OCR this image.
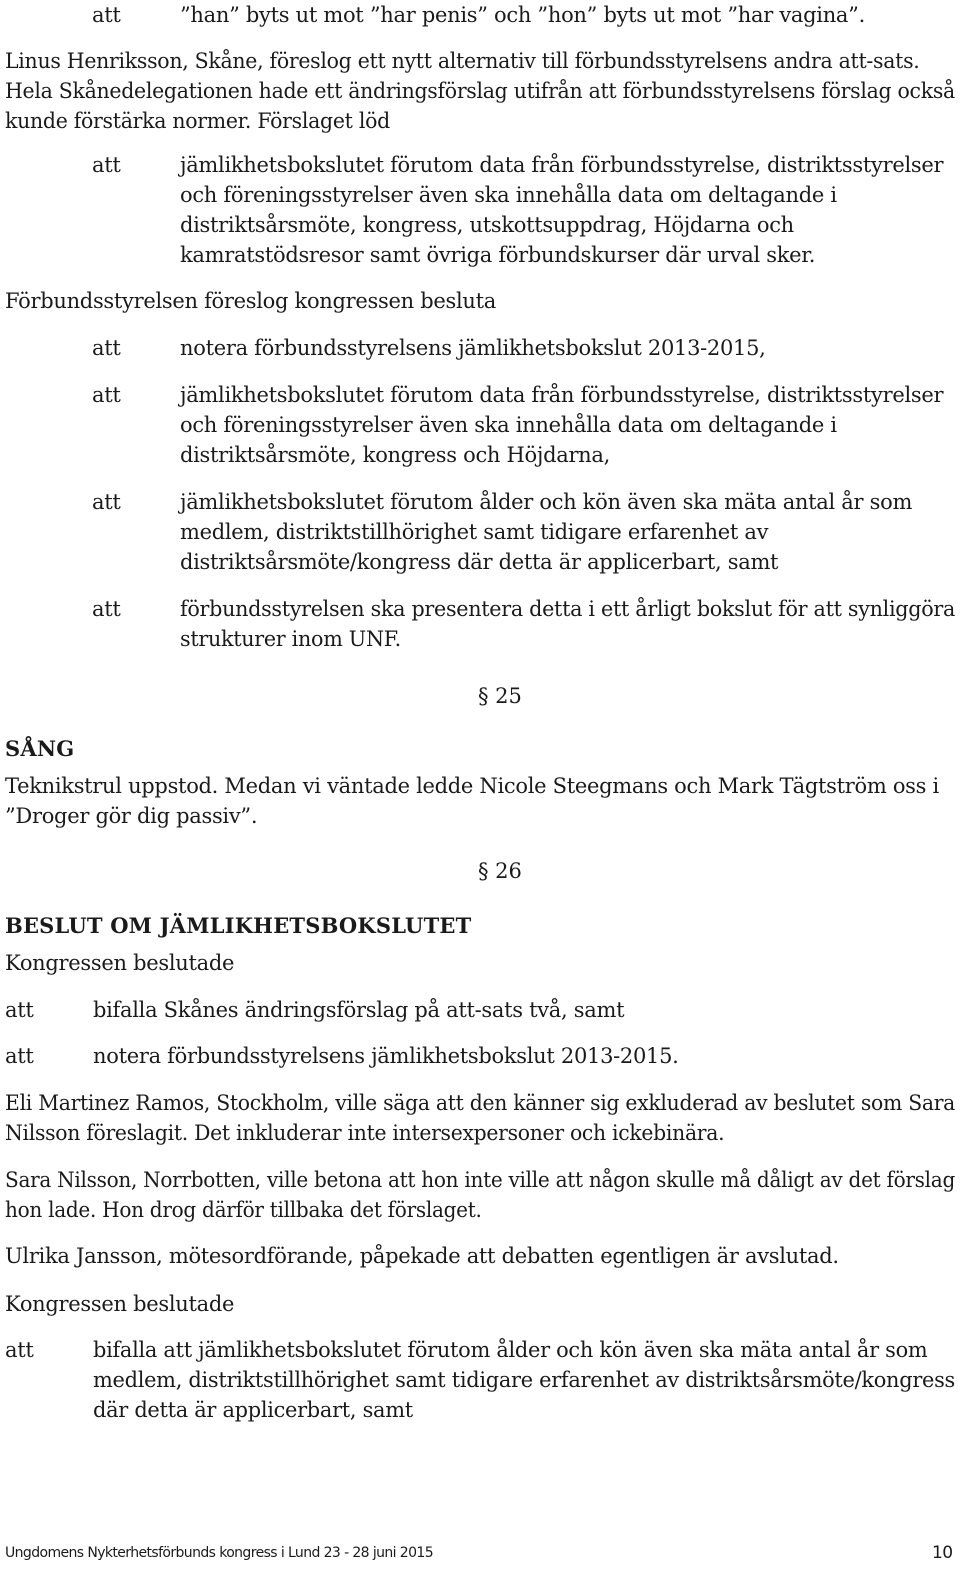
att	”han” byts ut mot ”har penis” och ”hon” byts ut mot ”har vagina”.
Linus Henriksson, Skåne, föreslog ett nytt alternativ till förbundsstyrelsens andra att-sats.
Hela Skånedelegationen hade ett ändringsförslag utifrån att förbundsstyrelsens förslag också
kunde förstärka normer. Förslaget löd
att	jämlikhetsbokslutet förutom data från förbundsstyrelse, distriktsstyrelser
och föreningsstyrelser även ska innehålla data om deltagande i
distriktsårsmöte, kongress, utskottsuppdrag, Höjdarna och
kamratstödsresor samt övriga förbundskurser där urval sker.
Förbundsstyrelsen föreslog kongressen besluta
att	notera förbundsstyrelsens jämlikhetsbokslut 2013-2015,
att	jämlikhetsbokslutet förutom data från förbundsstyrelse, distriktsstyrelser
och föreningsstyrelser även ska innehålla data om deltagande i
distriktsårsmöte, kongress och Höjdarna,
att	jämlikhetsbokslutet förutom ålder och kön även ska mäta antal år som
medlem, distriktstillhörighet samt tidigare erfarenhet av
distriktsårsmöte/kongress där detta är applicerbart, samt
att	förbundsstyrelsen ska presentera detta i ett årligt bokslut för att synliggöra
strukturer inom UNF.
§ 25
SÅNG
Teknikstrul uppstod. Medan vi väntade ledde Nicole Steegmans och Mark Tägtström oss i
”Droger gör dig passiv”.
§ 26
BESLUT OM JÄMLIKHETSBOKSLUTET
Kongressen beslutade
att	bifalla Skånes ändringsförslag på att-sats två, samt
att	notera förbundsstyrelsens jämlikhetsbokslut 2013-2015.
Eli Martinez Ramos, Stockholm, ville säga att den känner sig exkluderad av beslutet som Sara
Nilsson föreslagit. Det inkluderar inte intersexpersoner och ickebinära.
Sara Nilsson, Norrbotten, ville betona att hon inte ville att någon skulle må dåligt av det förslag
hon lade. Hon drog därför tillbaka det förslaget.
Ulrika Jansson, mötesordförande, påpekade att debatten egentligen är avslutad.
Kongressen beslutade
att	bifalla att jämlikhetsbokslutet förutom ålder och kön även ska mäta antal år som
medlem, distriktstillhörighet samt tidigare erfarenhet av distriktsårsmöte/kongress
där detta är applicerbart, samt
Ungdomens Nykterhetsförbunds kongress i Lund 23 - 28 juni 2015	10
